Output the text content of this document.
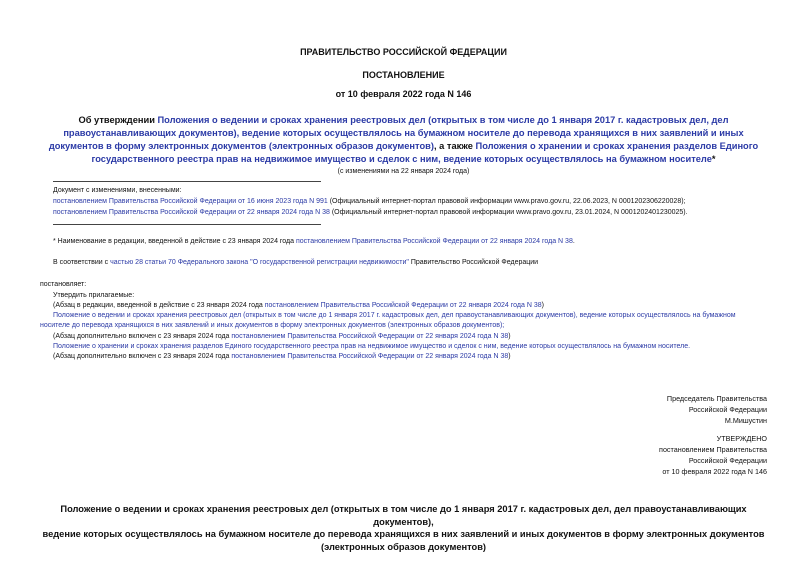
ПРАВИТЕЛЬСТВО РОССИЙСКОЙ ФЕДЕРАЦИИ
ПОСТАНОВЛЕНИЕ
от 10 февраля 2022 года N 146
Об утверждении Положения о ведении и сроках хранения реестровых дел (открытых в том числе до 1 января 2017 г. кадастровых дел, дел правоустанавливающих документов), ведение которых осуществлялось на бумажном носителе до перевода хранящихся в них заявлений и иных документов в форму электронных документов (электронных образов документов), а также Положения о хранении и сроках хранения разделов Единого государственного реестра прав на недвижимое имущество и сделок с ним, ведение которых осуществлялось на бумажном носителе*
(с изменениями на 22 января 2024 года)
Документ с изменениями, внесенными:
постановлением Правительства Российской Федерации от 16 июня 2023 года N 991 (Официальный интернет-портал правовой информации www.pravo.gov.ru, 22.06.2023, N 0001202306220028);
постановлением Правительства Российской Федерации от 22 января 2024 года N 38 (Официальный интернет-портал правовой информации www.pravo.gov.ru, 23.01.2024, N 0001202401230025).
* Наименование в редакции, введенной в действие с 23 января 2024 года постановлением Правительства Российской Федерации от 22 января 2024 года N 38.
В соответствии с частью 28 статьи 70 Федерального закона "О государственной регистрации недвижимости" Правительство Российской Федерации
постановляет:
Утвердить прилагаемые:
(Абзац в редакции, введенной в действие с 23 января 2024 года постановлением Правительства Российской Федерации от 22 января 2024 года N 38)
Положение о ведении и сроках хранения реестровых дел (открытых в том числе до 1 января 2017 г. кадастровых дел, дел правоустанавливающих документов), ведение которых осуществлялось на бумажном
носителе до перевода хранящихся в них заявлений и иных документов в форму электронных документов (электронных образов документов);
(Абзац дополнительно включен с 23 января 2024 года постановлением Правительства Российской Федерации от 22 января 2024 года N 38)
Положение о хранении и сроках хранения разделов Единого государственного реестра прав на недвижимое имущество и сделок с ним, ведение которых осуществлялось на бумажном носителе.
(Абзац дополнительно включен с 23 января 2024 года постановлением Правительства Российской Федерации от 22 января 2024 года N 38)
Председатель Правительства
Российской Федерации
М.Мишустин
УТВЕРЖДЕНО
постановлением Правительства
Российской Федерации
от 10 февраля 2022 года N 146
Положение о ведении и сроках хранения реестровых дел (открытых в том числе до 1 января 2017 г. кадастровых дел, дел правоустанавливающих документов),
ведение которых осуществлялось на бумажном носителе до перевода хранящихся в них заявлений и иных документов в форму электронных документов
(электронных образов документов)
